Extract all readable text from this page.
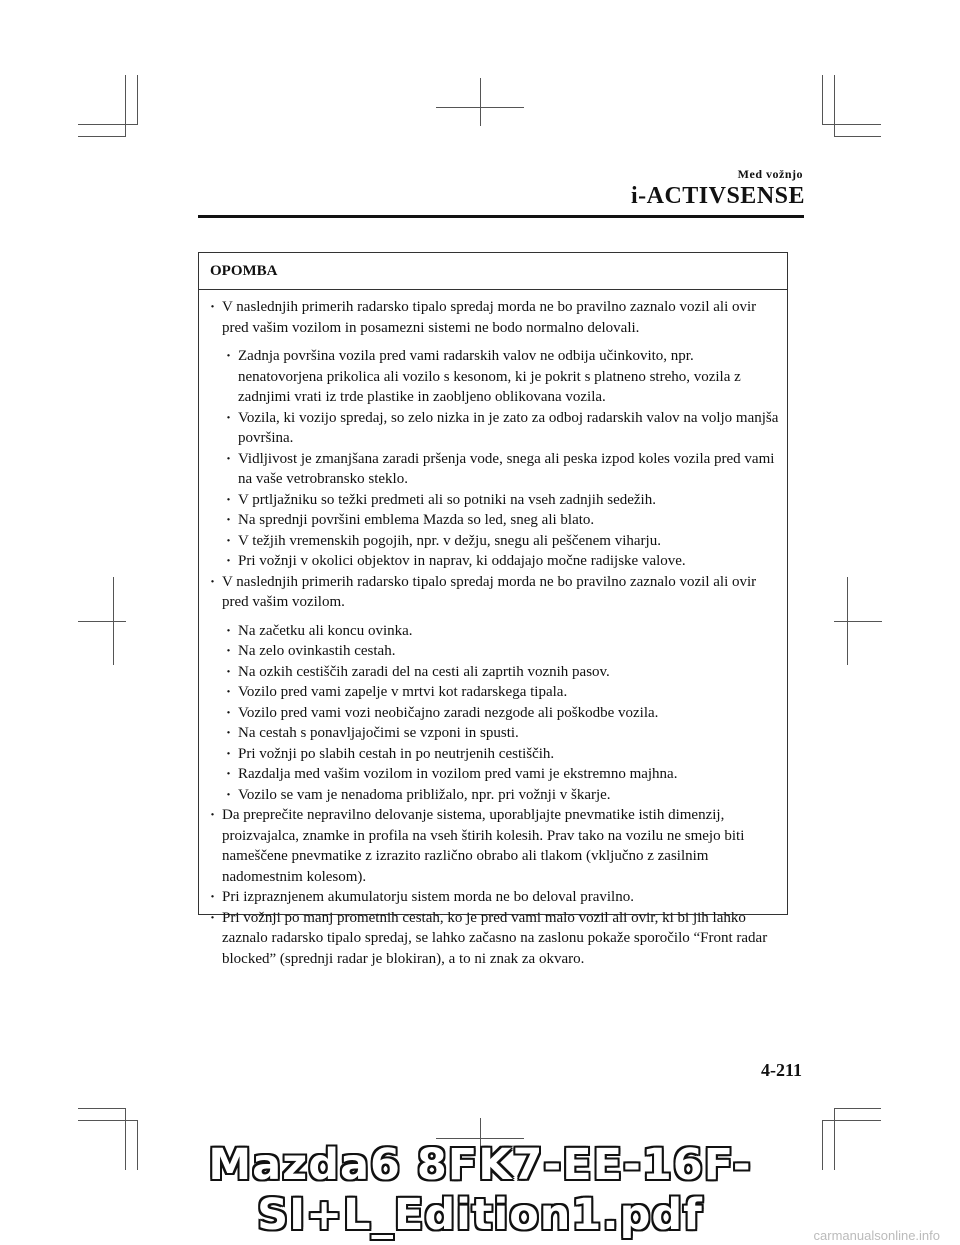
Med vožnjo
i-ACTIVSENSE
OPOMBA
· V naslednjih primerih radarsko tipalo spredaj morda ne bo pravilno zaznalo vozil ali ovir pred vašim vozilom in posamezni sistemi ne bodo normalno delovali.
· Zadnja površina vozila pred vami radarskih valov ne odbija učinkovito, npr. nenatovorjena prikolica ali vozilo s kesonom, ki je pokrit s platneno streho, vozila z zadnjimi vrati iz trde plastike in zaobljeno oblikovana vozila.
· Vozila, ki vozijo spredaj, so zelo nizka in je zato za odboj radarskih valov na voljo manjša površina.
· Vidljivost je zmanjšana zaradi pršenja vode, snega ali peska izpod koles vozila pred vami na vaše vetrobransko steklo.
· V prtljažniku so težki predmeti ali so potniki na vseh zadnjih sedežih.
· Na sprednji površini emblema Mazda so led, sneg ali blato.
· V težjih vremenskih pogojih, npr. v dežju, snegu ali peščenem viharju.
· Pri vožnji v okolici objektov in naprav, ki oddajajo močne radijske valove.
· V naslednjih primerih radarsko tipalo spredaj morda ne bo pravilno zaznalo vozil ali ovir pred vašim vozilom.
· Na začetku ali koncu ovinka.
· Na zelo ovinkastih cestah.
· Na ozkih cestiščih zaradi del na cesti ali zaprtih voznih pasov.
· Vozilo pred vami zapelje v mrtvi kot radarskega tipala.
· Vozilo pred vami vozi neobičajno zaradi nezgode ali poškodbe vozila.
· Na cestah s ponavljajočimi se vzponi in spusti.
· Pri vožnji po slabih cestah in po neutrjenih cestiščih.
· Razdalja med vašim vozilom in vozilom pred vami je ekstremno majhna.
· Vozilo se vam je nenadoma približalo, npr. pri vožnji v škarje.
· Da preprečite nepravilno delovanje sistema, uporabljajte pnevmatike istih dimenzij, proizvajalca, znamke in profila na vseh štirih kolesih. Prav tako na vozilu ne smejo biti nameščene pnevmatike z izrazito različno obrabo ali tlakom (vključno z zasilnim nadomestnim kolesom).
· Pri izpraznjenem akumulatorju sistem morda ne bo deloval pravilno.
· Pri vožnji po manj prometnih cestah, ko je pred vami malo vozil ali ovir, ki bi jih lahko zaznalo radarsko tipalo spredaj, se lahko začasno na zaslonu pokaže sporočilo “Front radar blocked” (sprednji radar je blokiran), a to ni znak za okvaro.
4-211
Mazda6 8FK7-EE-16F-SI+L_Edition1.pdf	carmanualsonline.info
